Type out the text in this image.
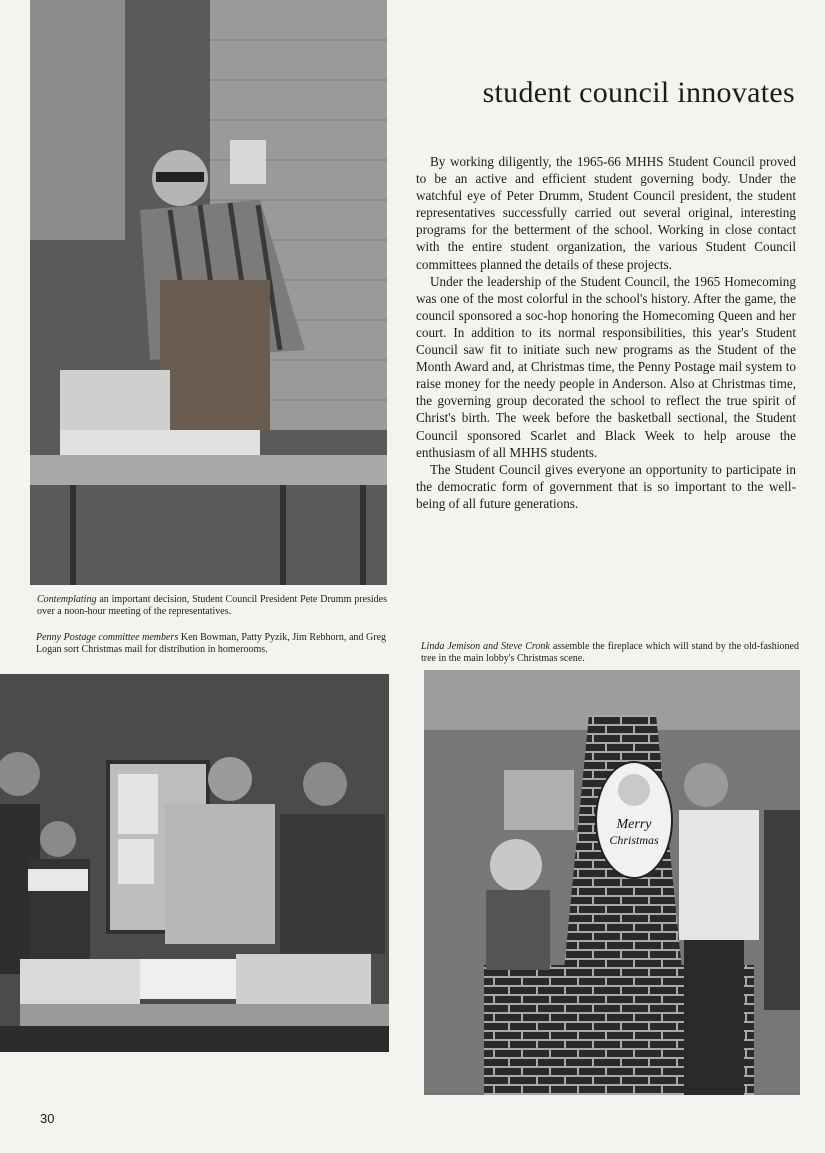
student council innovates

By working diligently, the 1965-66 MHHS Student Council proved to be an active and efficient student governing body. Under the watchful eye of Peter Drumm, Student Council president, the student representatives successfully carried out several original, interesting programs for the betterment of the school. Working in close contact with the entire student organization, the various Student Council committees planned the details of these projects.

Under the leadership of the Student Council, the 1965 Homecoming was one of the most colorful in the school's history. After the game, the council sponsored a soc-hop honoring the Homecoming Queen and her court. In addition to its normal responsibilities, this year's Student Council saw fit to initiate such new programs as the Student of the Month Award and, at Christmas time, the Penny Postage mail system to raise money for the needy people in Anderson. Also at Christmas time, the governing group decorated the school to reflect the true spirit of Christ's birth. The week before the basketball sectional, the Student Council sponsored Scarlet and Black Week to help arouse the enthusiasm of all MHHS students.

The Student Council gives everyone an opportunity to participate in the democratic form of government that is so important to the well-being of all future generations.

Contemplating an important decision, Student Council President Pete Drumm presides over a noon-hour meeting of the representatives.
Penny Postage committee members Ken Bowman, Patty Pyzik, Jim Rebhorn, and Greg Logan sort Christmas mail for distribution in homerooms.	Linda Jemison and Steve Cronk assemble the fireplace which will stand by the old-fashioned tree in the main lobby's Christmas scene.
Merry
Christmas
30
